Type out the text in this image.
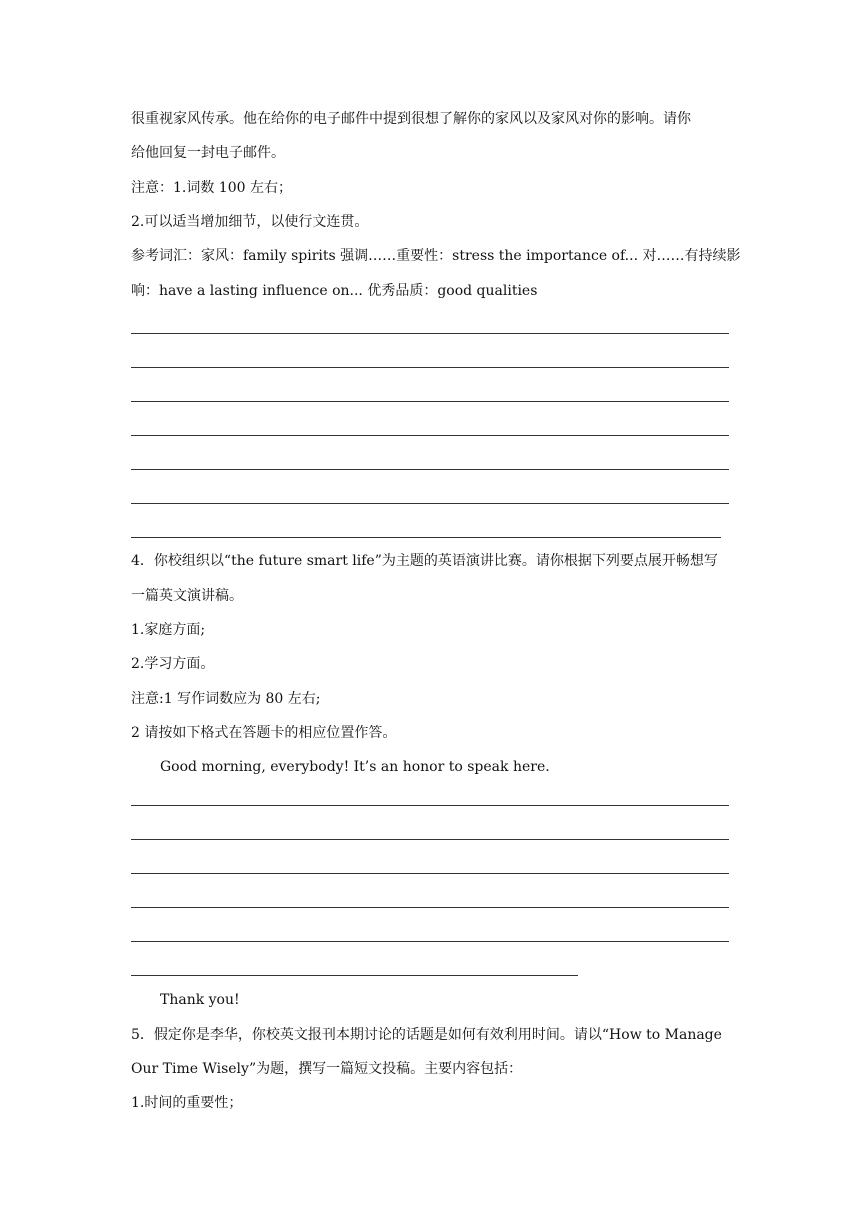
很重视家风传承。他在给你的电子邮件中提到很想了解你的家风以及家风对你的影响。请你
给他回复一封电子邮件。
注意：1.词数 100 左右；
2.可以适当增加细节，以使行文连贯。
参考词汇：家风：family spirits 强调……重要性：stress the importance of... 对……有持续影
响：have a lasting influence on... 优秀品质：good qualities
4．你校组织以“the future smart life”为主题的英语演讲比赛。请你根据下列要点展开畅想写
一篇英文演讲稿。
1.家庭方面;
2.学习方面。
注意:1 写作词数应为 80 左右;
2 请按如下格式在答题卡的相应位置作答。
Good morning, everybody! It’s an honor to speak here.
Thank you!
5．假定你是李华，你校英文报刊本期讨论的话题是如何有效利用时间。请以“How to Manage
Our Time Wisely”为题，撰写一篇短文投稿。主要内容包括：
1.时间的重要性；
